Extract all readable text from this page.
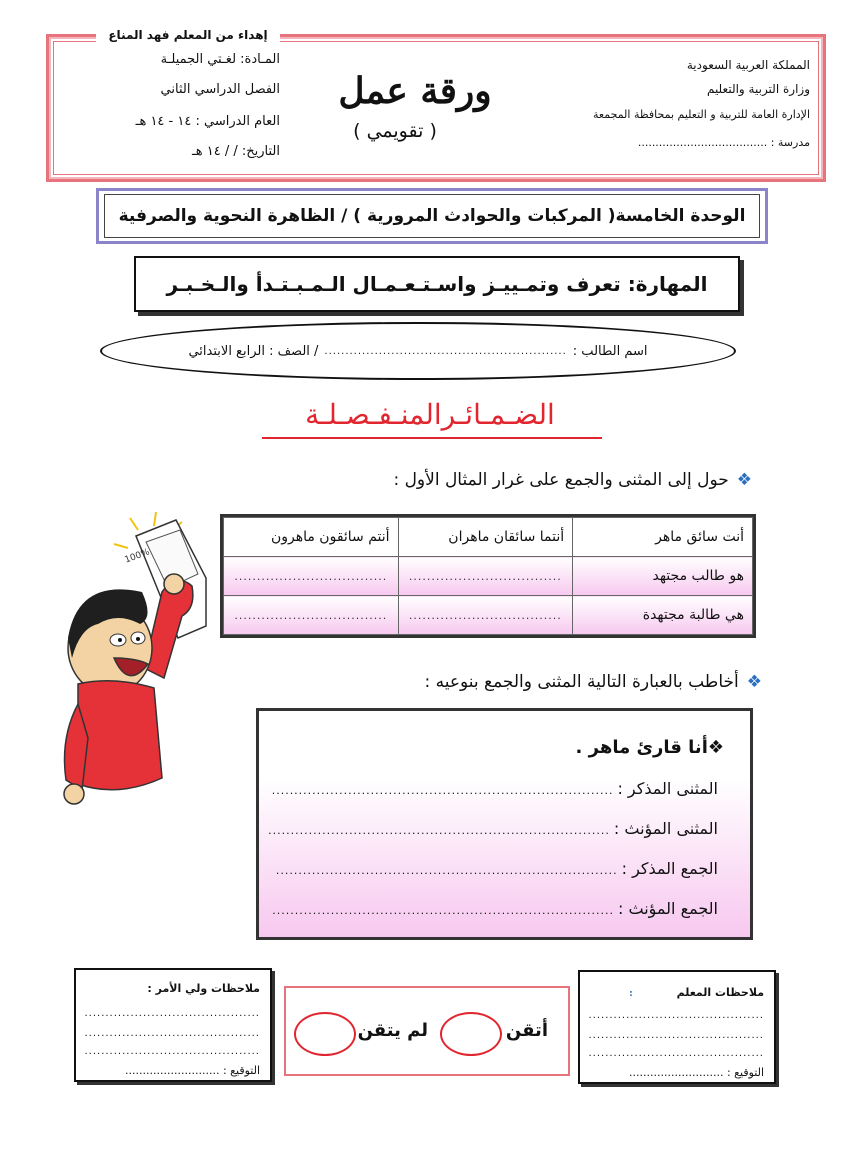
إهداء من المعلم فهد المناع
المملكة العربية السعودية
وزارة التربية والتعليم
الإدارة العامة للتربية و التعليم بمحافظة المجمعة
مدرسة : .....................................
المـادة: لغـتي الجميلـة
الفصل الدراسي الثاني
العام الدراسي : ١٤ - ١٤ هـ
التاريخ: / / ١٤ هـ
ورقة عمل
( تقويمي )
الوحدة الخامسة( المركبات والحوادث المرورية ) / الظاهرة النحوية والصرفية
المهارة: تعرف وتمـييـز واسـتـعـمـال الـمـبـتـدأ والـخـبـر
اسم الطالب :
..........................................................
/ الصف : الرابع الابتدائي
الضـمـائـرالمنـفـصـلـة
❖حول إلى المثنى والجمع على غرار المثال الأول :
أنت سائق ماهر	أنتما سائقان ماهران	أنتم سائقون ماهرون
هو طالب مجتهد	..................................	..................................
هي طالبة مجتهدة	..................................	..................................
❖أخاطب بالعبارة التالية المثنى والجمع بنوعيه :
❖أنا قارئ ماهر .
المثنى المذكر :
............................................................................
المثنى المؤنث :
............................................................................
الجمع المذكر :
............................................................................
الجمع المؤنث :
............................................................................
100%
ملاحظات ولي الأمر :
..........................................
..........................................
..........................................
التوقيع : ...........................
أتقن
لم يتقن
ملاحظات المعلم :
..........................................
..........................................
..........................................
التوقيع : ...........................
